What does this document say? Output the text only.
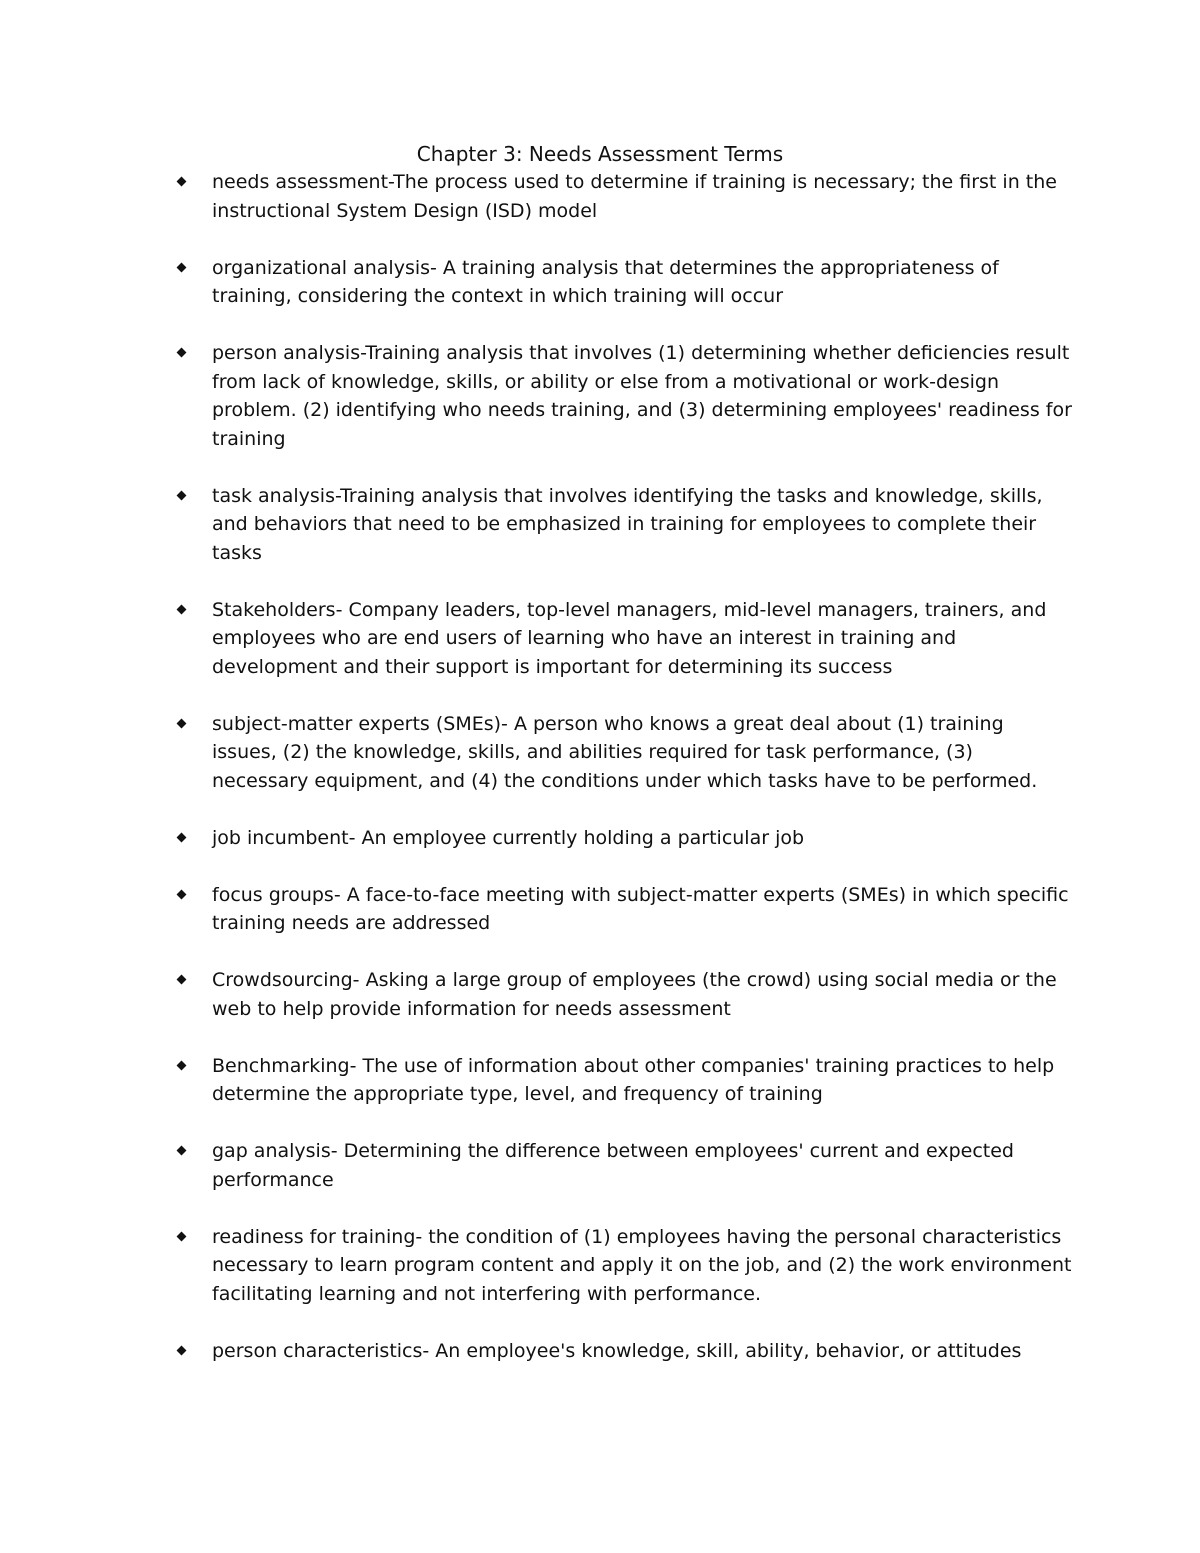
Chapter 3: Needs Assessment Terms
needs assessment-The process used to determine if training is necessary; the first in the instructional System Design (ISD) model
organizational analysis- A training analysis that determines the appropriateness of training, considering the context in which training will occur
person analysis-Training analysis that involves (1) determining whether deficiencies result from lack of knowledge, skills, or ability or else from a motivational or work-design problem. (2) identifying who needs training, and (3) determining employees' readiness for training
task analysis-Training analysis that involves identifying the tasks and knowledge, skills, and behaviors that need to be emphasized in training for employees to complete their tasks
Stakeholders- Company leaders, top-level managers, mid-level managers, trainers, and employees who are end users of learning who have an interest in training and development and their support is important for determining its success
subject-matter experts (SMEs)- A person who knows a great deal about (1) training issues, (2) the knowledge, skills, and abilities required for task performance, (3) necessary equipment, and (4) the conditions under which tasks have to be performed.
job incumbent- An employee currently holding a particular job
focus groups- A face-to-face meeting with subject-matter experts (SMEs) in which specific training needs are addressed
Crowdsourcing- Asking a large group of employees (the crowd) using social media or the web to help provide information for needs assessment
Benchmarking- The use of information about other companies' training practices to help determine the appropriate type, level, and frequency of training
gap analysis- Determining the difference between employees' current and expected performance
readiness for training- the condition of (1) employees having the personal characteristics necessary to learn program content and apply it on the job, and (2) the work environment facilitating learning and not interfering with performance.
person characteristics- An employee's knowledge, skill, ability, behavior, or attitudes
